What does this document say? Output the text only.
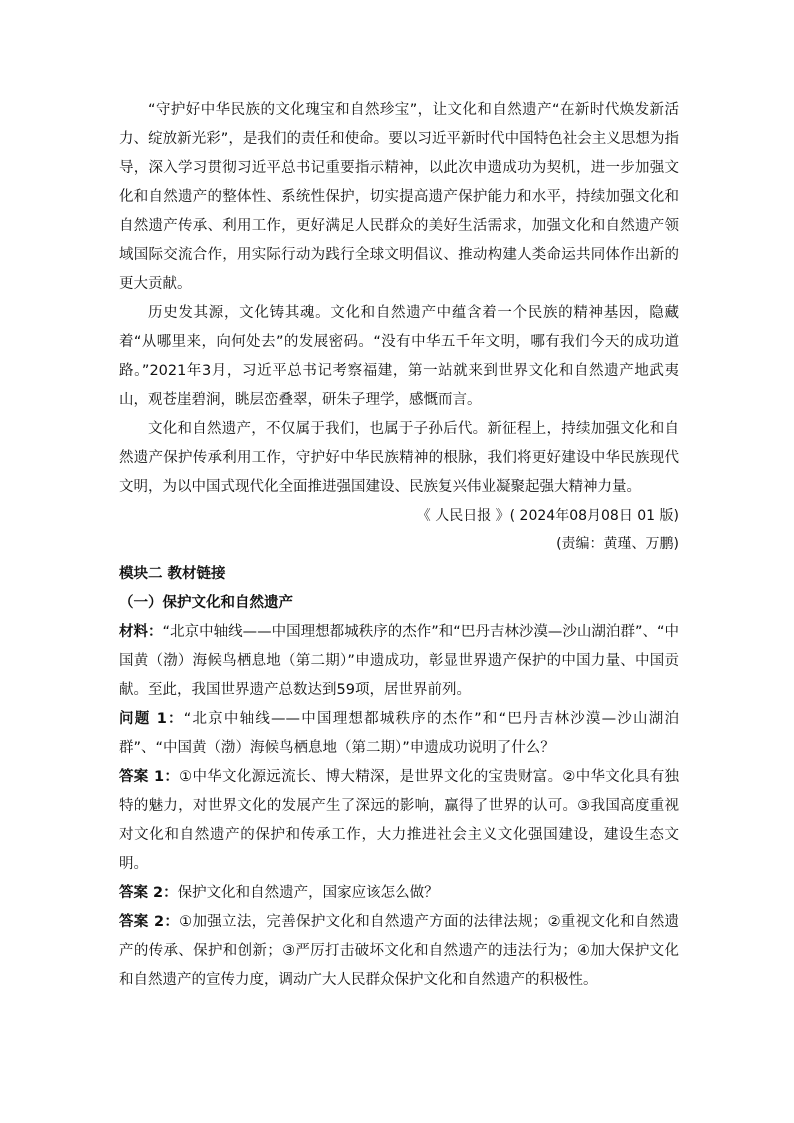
“守护好中华民族的文化瑰宝和自然珍宝”，让文化和自然遗产“在新时代焕发新活力、绽放新光彩”，是我们的责任和使命。要以习近平新时代中国特色社会主义思想为指导，深入学习贯彻习近平总书记重要指示精神，以此次申遗成功为契机，进一步加强文化和自然遗产的整体性、系统性保护，切实提高遗产保护能力和水平，持续加强文化和自然遗产传承、利用工作，更好满足人民群众的美好生活需求，加强文化和自然遗产领域国际交流合作，用实际行动为践行全球文明倡议、推动构建人类命运共同体作出新的更大贡献。

历史发其源，文化铸其魂。文化和自然遗产中蕴含着一个民族的精神基因，隐藏着“从哪里来，向何处去”的发展密码。“没有中华五千年文明，哪有我们今天的成功道路。”2021年3月，习近平总书记考察福建，第一站就来到世界文化和自然遗产地武夷山，观苍崖碧涧，眺层峦叠翠，研朱子理学，感慨而言。

文化和自然遗产，不仅属于我们，也属于子孙后代。新征程上，持续加强文化和自然遗产保护传承利用工作，守护好中华民族精神的根脉，我们将更好建设中华民族现代文明，为以中国式现代化全面推进强国建设、民族复兴伟业凝聚起强大精神力量。

《 人民日报 》( 2024年08月08日 01 版)

(责编：黄瑾、万鹏)

模块二 教材链接

（一）保护文化和自然遗产

材料：“北京中轴线——中国理想都城秩序的杰作”和“巴丹吉林沙漠—沙山湖泊群”、“中国黄（渤）海候鸟栖息地（第二期）”申遗成功，彰显世界遗产保护的中国力量、中国贡献。至此，我国世界遗产总数达到59项，居世界前列。

问题 1：“北京中轴线——中国理想都城秩序的杰作”和“巴丹吉林沙漠—沙山湖泊群”、“中国黄（渤）海候鸟栖息地（第二期）”申遗成功说明了什么？

答案 1：①中华文化源远流长、博大精深，是世界文化的宝贵财富。②中华文化具有独特的魅力，对世界文化的发展产生了深远的影响，赢得了世界的认可。③我国高度重视对文化和自然遗产的保护和传承工作，大力推进社会主义文化强国建设，建设生态文明。

答案 2：保护文化和自然遗产，国家应该怎么做？

答案 2：①加强立法，完善保护文化和自然遗产方面的法律法规；②重视文化和自然遗产的传承、保护和创新；③严厉打击破坏文化和自然遗产的违法行为；④加大保护文化和自然遗产的宣传力度，调动广大人民群众保护文化和自然遗产的积极性。
